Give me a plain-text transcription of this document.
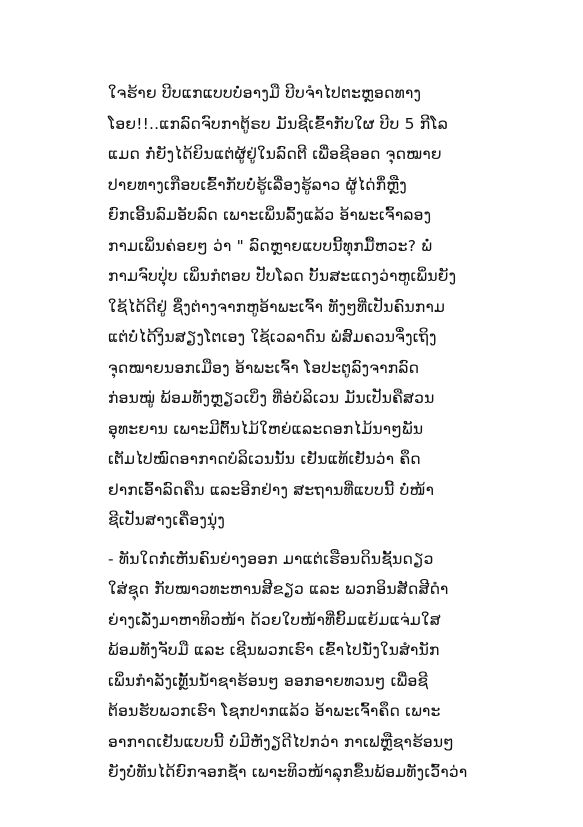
ໃຈຮ້າຍ ບີບແກແບບບໍ່ອາງມື ບີບຈຳໄປຕະຫຼອດທາງ
ໂອຍ!!..ແກລົດຈົບກາຕູ້ຣບ ມັນຊີເຂົ້າກັບໃຜ ບີບ 5 ກີໂລ
ແມດ ກໍ່ຍັງໄດ້ຍິນແຕ່ຜູ້ຢູ່ໃນລົດຕີ ເພື່ອຊີອອດ ຈຸດໝາຍ
ປາຍທາງເກືອບເຂົ້າກັບບໍ່ຮູ້ເລື່ອງຮູ້ລາວ ຜູ້ໄດ່ກຶ່ຫຼືງ
ຍົກເອີ້ນລົມອັບລົດ ເພາະເພິ່ນລົ້ງແລ້ວ ອ້າພະເຈົ້າລອງ
ກາມເພິ່ນຄ່ອຍໆ ວ່າ " ລົດຫຼາຍແບບນີ້ທຸກມື້ຫວະ? ພໍ່
ກາມຈົບປຸ່ບ ເພິ່ນກໍຕອບ ປັບໂລດ ບັ້ນສະແດງວ່າຫູເພິ່ນຍັງ
ໃຊ້ໄດ້ດີຢູ່ ຊຶ່ງຕ່າງຈາກຫູອ້າພະເຈົ້າ ທັງໆທີ່ເປັນຄົນກາມ
ແຕ່ບໍ່ໄດ້ງິນສຽງໂຕເອງ ໃຊ້ເວລາດົນ ພໍສົມຄວນຈຶ່ງເຖິງ
ຈຸດໝາຍນອກເມືອງ ອ້າພະເຈົ້າ ໂອປະຕູລົງຈາກລົດ
ກ່ອນໝູ່ ພ້ອມທັງຫຼຽວເບິ່ງ ທີ່ອ່ບໍລິເວນ ມັນເປັນຄືສວນ
ອຸທະຍານ ເພາະມີຕົ້ນໄມ້ໃຫຍ່ແລະດອກໄມ້ນາໆພັນ
ເຕັມໄປໝົດອາກາດບໍລິເວນນັ້ນ ເຢັນແທ້ເຢັນວ່າ ຄຶດ
ຢາກເອົ້າລົດຄືນ ແລະອີກຢ່າງ ສະຖານທີ່ແບບນີ້ ບໍ່ໜ້າ
ຊີເປັນສາງເຄື່ອງນຸ່ງ
- ທັນໃດກໍ່ເຫັນຄົນຍ່າງອອກ ມາແຕ່ເຮືອນດິນຊັ້ນດຽວ
ໃສ່ຊຸດ ກັບໝາວທະຫານສີຂຽວ ແລະ ພວກອິນສັດສີດຳ
ຍ່າງເລັ່ງມາຫາທິວໜ້າ ດ້ວຍໃບໜ້າທີ່ຍິ້ມແຍ້ມແຈ່ມໃສ
ພ້ອມທັງຈັບມື ແລະ ເຊີນພວກເຮົາ ເຂົ້າໄປນັ່ງໃນສຳນັກ
ເພິ່ນກຳລັງເທຼັ້ນນ້ຳຊາຮ້ອນໆ ອອກອາຍທວນໆ ເພື່ອຊີ
ຕ້ອນຮັບພວກເຮົາ ໂຊກປາກແລ້ວ ອ້າພະເຈົ້າຄຶດ ເພາະ
ອາກາດເຢັນແບບນີ້ ບໍ່ມີຫັງຽດີໄປກວ່າ ກາເຟຫຼືຊາຮ້ອນໆ
ຍັງບໍ່ທັນໄດ້ຍົກຈອກຊ້ຳ ເພາະທິວໜ້າລຸກຂຶ້ນພ້ອມທັງເວົ້າວ່າ
